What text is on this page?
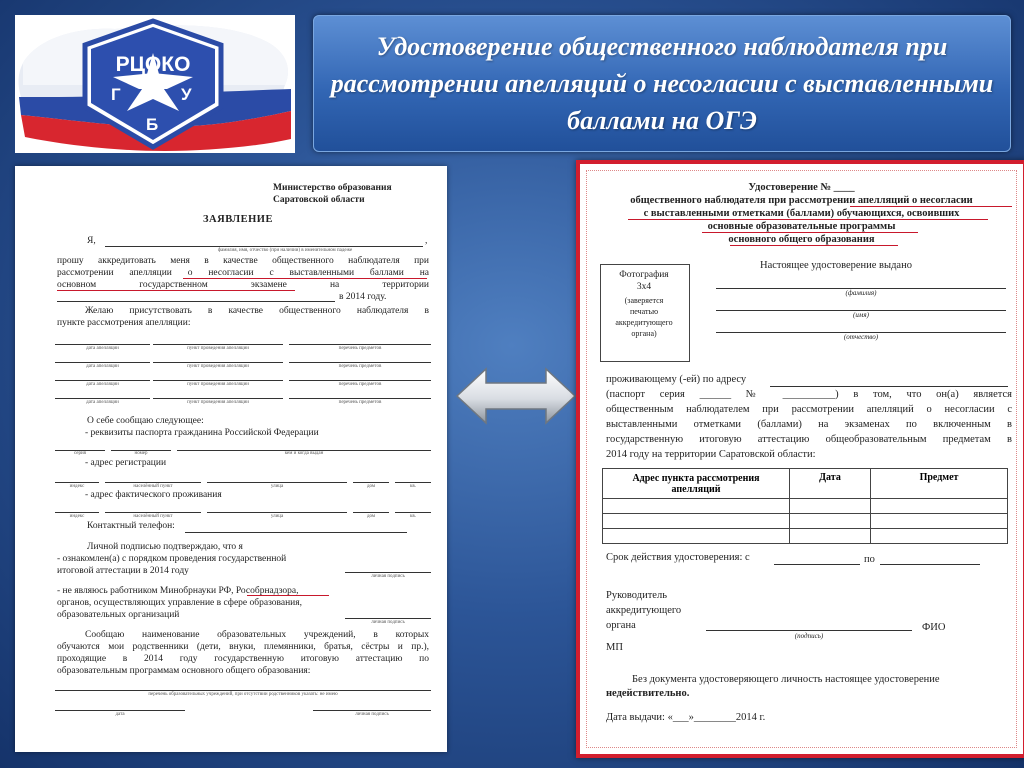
РЦОКО
Г	У
Б
Удостоверение общественного наблюдателя при рассмотрении апелляций о несогласии с выставленными баллами на ОГЭ
Министерство образования
Саратовской области
ЗАЯВЛЕНИЕ
Я,	,
фамилия, имя, отчество (при наличии) в именительном падеже
прошу аккредитовать меня в качестве общественного наблюдателя при
рассмотрении апелляции о несогласии с выставленными баллами на
основном государственном экзамене на территории
в 2014 году.
Желаю присутствовать в качестве общественного наблюдателя в
пункте рассмотрения апелляции:
дата апелляции	пункт проведения апелляции	перечень предметов
дата апелляции	пункт проведения апелляции	перечень предметов
дата апелляции	пункт проведения апелляции	перечень предметов
дата апелляции	пункт проведения апелляции	перечень предметов
О себе сообщаю следующее:
- реквизиты паспорта гражданина Российской Федерации
серия	номер	кем и когда выдан
- адрес регистрации
индекс	населённый пункт	улица	дом	кв.
- адрес фактического проживания
индекс	населённый пункт	улица	дом	кв.
Контактный телефон:
Личной подписью подтверждаю, что я
- ознакомлен(а) с порядком проведения государственной
итоговой аттестации в 2014 году
личная подпись
- не являюсь работником Минобрнауки РФ, Рособрнадзора,
органов, осуществляющих управление в сфере образования,
образовательных организаций
личная подпись
Сообщаю наименование образовательных учреждений, в которых
обучаются мои родственники (дети, внуки, племянники, братья, сёстры и пр.),
проходящие в 2014 году государственную итоговую аттестацию по
образовательным программам основного общего образования:
перечень образовательных учреждений, при отсутствии родственников указать: не имею
дата	личная подпись
Удостоверение № ____
общественного наблюдателя при рассмотрении апелляций о несогласии
с выставленными отметками (баллами) обучающихся, освоивших
основные образовательные программы
основного общего образования
Фотография
3х4
(заверяется
печатью
аккредитующего
органа)
Настоящее удостоверение выдано
(фамилия)
(имя)
(отчество)
проживающему (-ей) по адресу
(паспорт серия ______ № __________) в том, что он(а) является
общественным наблюдателем при рассмотрении апелляций о несогласии с
выставленными отметками (баллами) на экзаменах по включенным в
государственную итоговую аттестацию общеобразовательным предметам в
2014 году на территории Саратовской области:
Адрес пункта рассмотрения апелляций	Дата	Предмет

Срок действия удостоверения: с	по
Руководитель
аккредитующего
органа
(подпись)
ФИО
МП
Без документа удостоверяющего личность настоящее удостоверение
недействительно.
Дата выдачи: «___»________2014 г.
